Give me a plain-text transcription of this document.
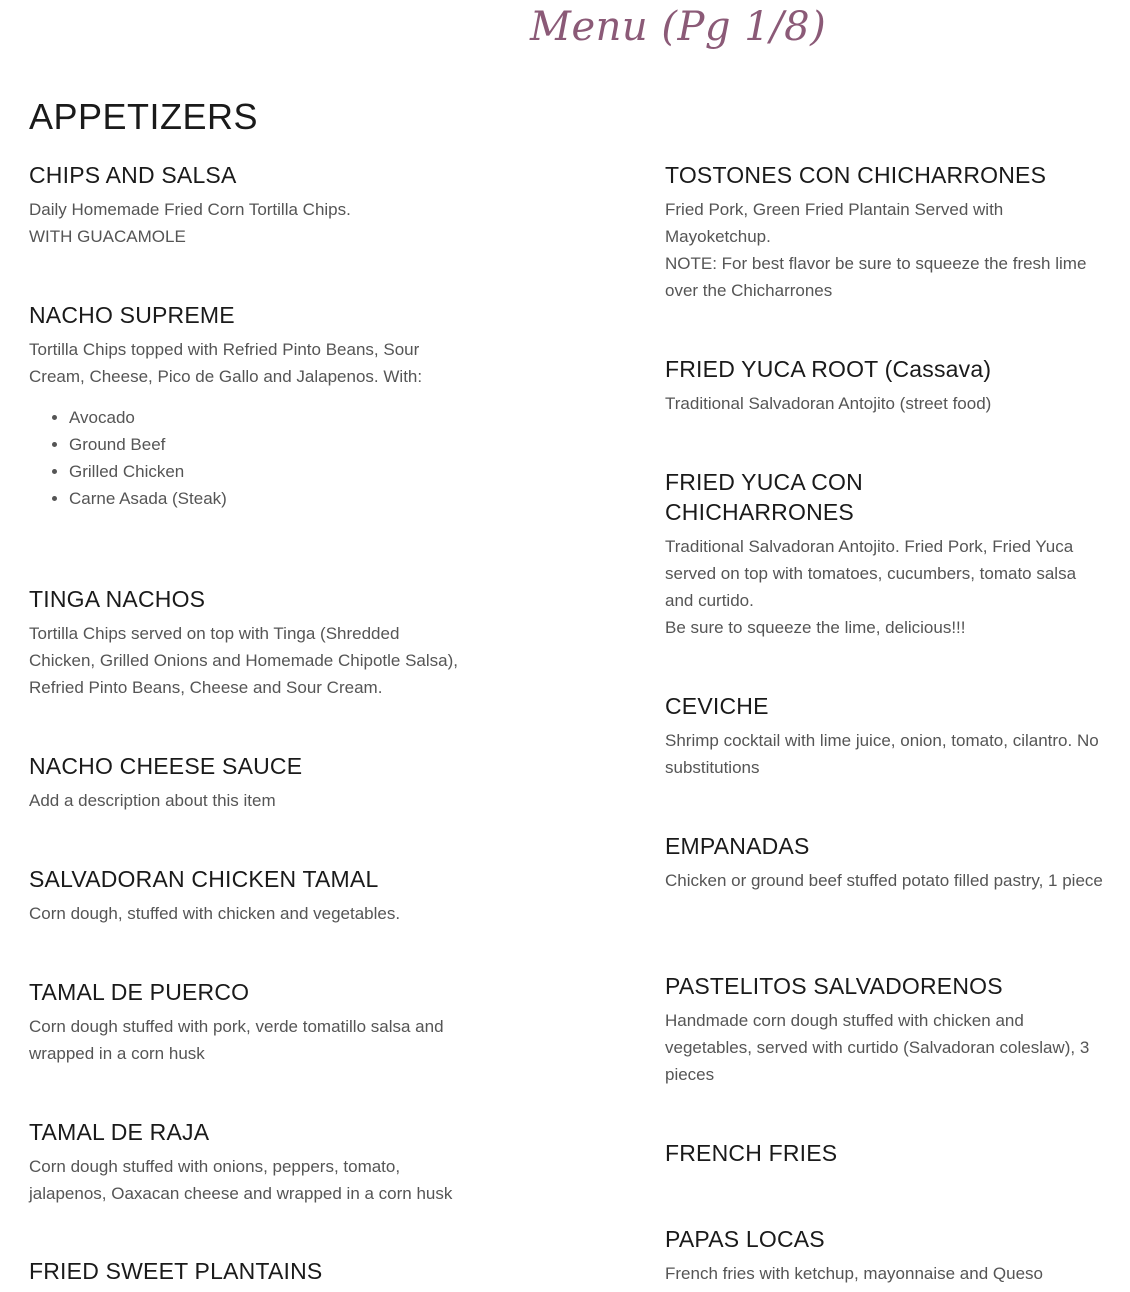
Menu (Pg 1/8)
APPETIZERS
CHIPS AND SALSA

Daily Homemade Fried Corn Tortilla Chips.

WITH GUACAMOLE

NACHO SUPREME

Tortilla Chips topped with Refried Pinto Beans, Sour Cream, Cheese, Pico de Gallo and Jalapenos. With:

• Avocado
• Ground Beef
• Grilled Chicken
• Carne Asada (Steak)
TINGA NACHOS

Tortilla Chips served on top with Tinga (Shredded Chicken, Grilled Onions and Homemade Chipotle Salsa), Refried Pinto Beans, Cheese and Sour Cream.

NACHO CHEESE SAUCE

Add a description about this item

SALVADORAN CHICKEN TAMAL

Corn dough, stuffed with chicken and vegetables.

TAMAL DE PUERCO

Corn dough stuffed with pork, verde tomatillo salsa and wrapped in a corn husk

TAMAL DE RAJA

Corn dough stuffed with onions, peppers, tomato, jalapenos, Oaxacan cheese and wrapped in a corn husk

FRIED SWEET PLANTAINS
TOSTONES CON CHICHARRONES

Fried Pork, Green Fried Plantain Served with Mayoketchup.

NOTE: For best flavor be sure to squeeze the fresh lime over the Chicharrones

FRIED YUCA ROOT (Cassava)

Traditional Salvadoran Antojito (street food)

FRIED YUCA CON CHICHARRONES

Traditional Salvadoran Antojito. Fried Pork, Fried Yuca served on top with tomatoes, cucumbers, tomato salsa and curtido.

Be sure to squeeze the lime, delicious!!!

CEVICHE

Shrimp cocktail with lime juice, onion, tomato, cilantro. No substitutions

EMPANADAS

Chicken or ground beef stuffed potato filled pastry, 1 piece

PASTELITOS SALVADORENOS

Handmade corn dough stuffed with chicken and vegetables, served with curtido (Salvadoran coleslaw), 3 pieces

FRENCH FRIES
PAPAS LOCAS

French fries with ketchup, mayonnaise and Queso
